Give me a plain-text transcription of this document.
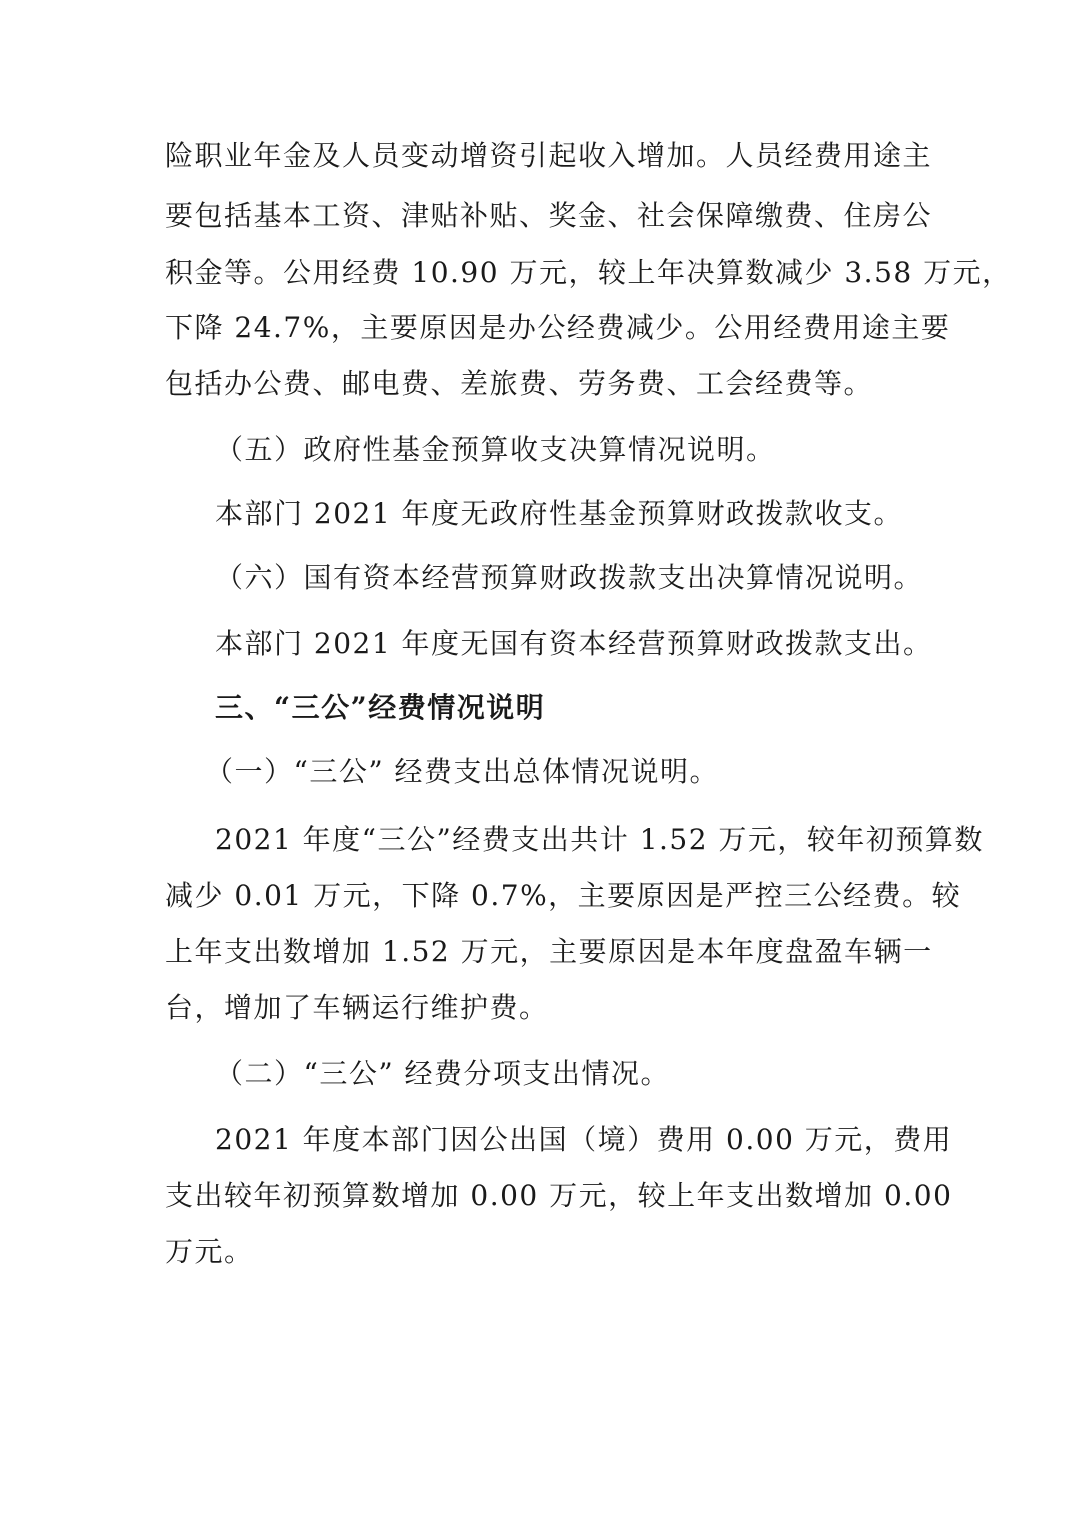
险职业年金及人员变动增资引起收入增加。人员经费用途主
要包括基本工资、津贴补贴、奖金、社会保障缴费、住房公
积金等。公用经费 10.90 万元，较上年决算数减少 3.58 万元，
下降 24.7%，主要原因是办公经费减少。公用经费用途主要
包括办公费、邮电费、差旅费、劳务费、工会经费等。
（五）政府性基金预算收支决算情况说明。
本部门 2021 年度无政府性基金预算财政拨款收支。
（六）国有资本经营预算财政拨款支出决算情况说明。
本部门 2021 年度无国有资本经营预算财政拨款支出。
三、“三公”经费情况说明
（一）“三公” 经费支出总体情况说明。
2021 年度“三公”经费支出共计 1.52 万元，较年初预算数
减少 0.01 万元，下降 0.7%，主要原因是严控三公经费。较
上年支出数增加 1.52 万元，主要原因是本年度盘盈车辆一
台，增加了车辆运行维护费。
（二）“三公” 经费分项支出情况。
2021 年度本部门因公出国（境）费用 0.00 万元，费用
支出较年初预算数增加 0.00 万元，较上年支出数增加 0.00
万元。
